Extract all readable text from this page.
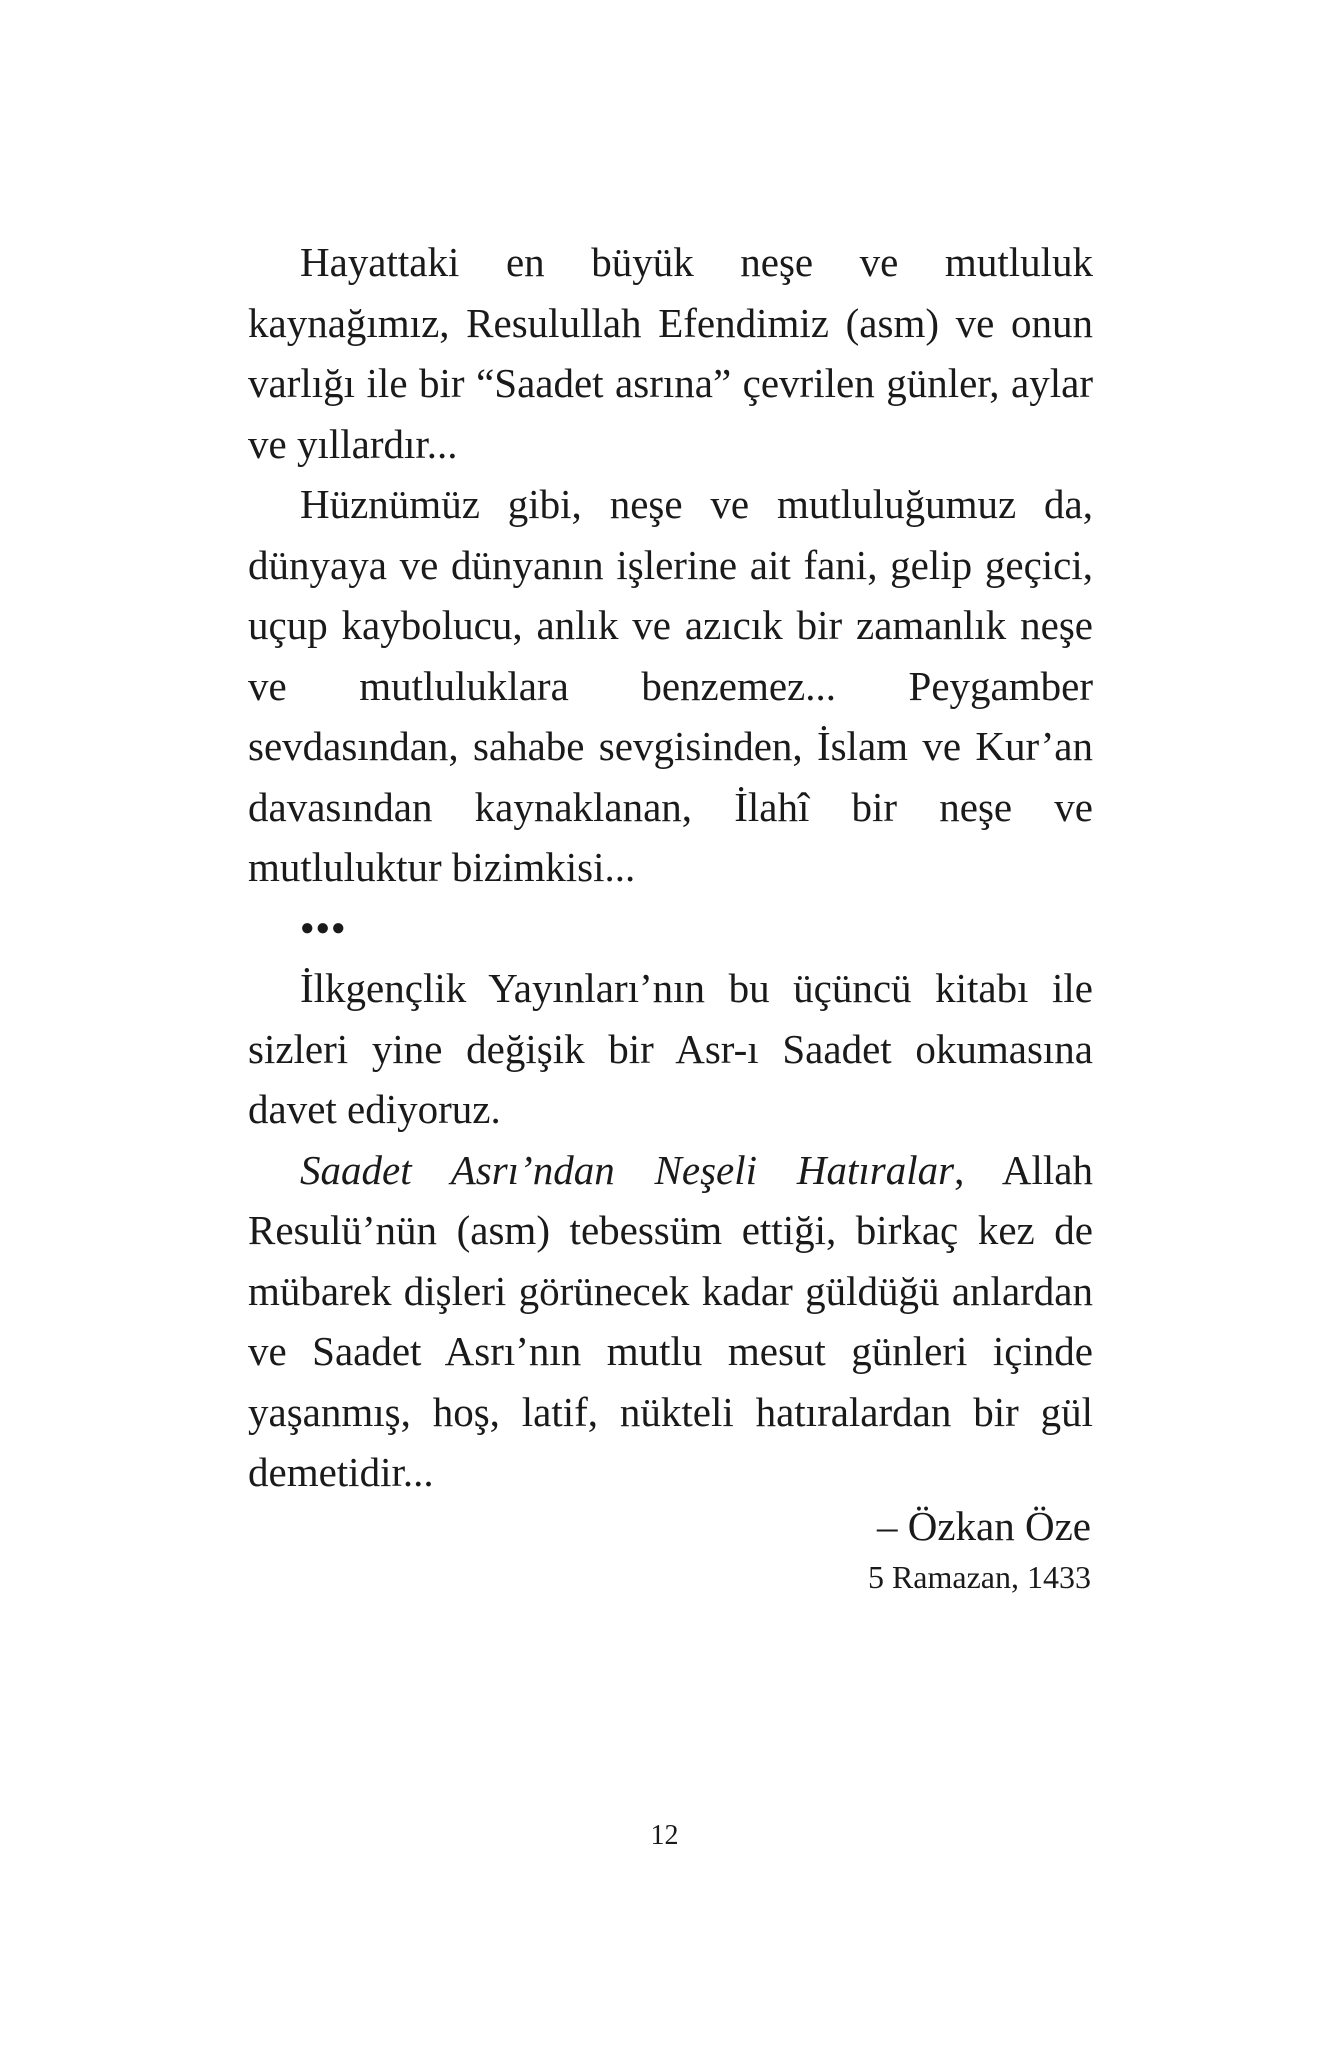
Hayattaki en büyük neşe ve mutluluk kaynağımız, Resulullah Efendimiz (asm) ve onun varlığı ile bir “Saadet asrına” çevrilen günler, aylar ve yıllardır...

Hüznümüz gibi, neşe ve mutluluğumuz da, dünyaya ve dünyanın işlerine ait fani, gelip geçici, uçup kaybolucu, anlık ve azıcık bir zamanlık neşe ve mutluluklara benzemez... Peygamber sevdasından, sahabe sevgisinden, İslam ve Kur’an davasından kaynaklanan, İlahî bir neşe ve mutluluktur bizimkisi...

●●●

İlkgençlik Yayınları’nın bu üçüncü kitabı ile sizleri yine değişik bir Asr-ı Saadet okumasına davet ediyoruz.

Saadet Asrı’ndan Neşeli Hatıralar, Allah Resulü’nün (asm) tebessüm ettiği, birkaç kez de mübarek dişleri görünecek kadar güldüğü anlardan ve Saadet Asrı’nın mutlu mesut günleri içinde yaşanmış, hoş, latif, nükteli hatıralardan bir gül demetidir...

– Özkan Öze
5 Ramazan, 1433
12
